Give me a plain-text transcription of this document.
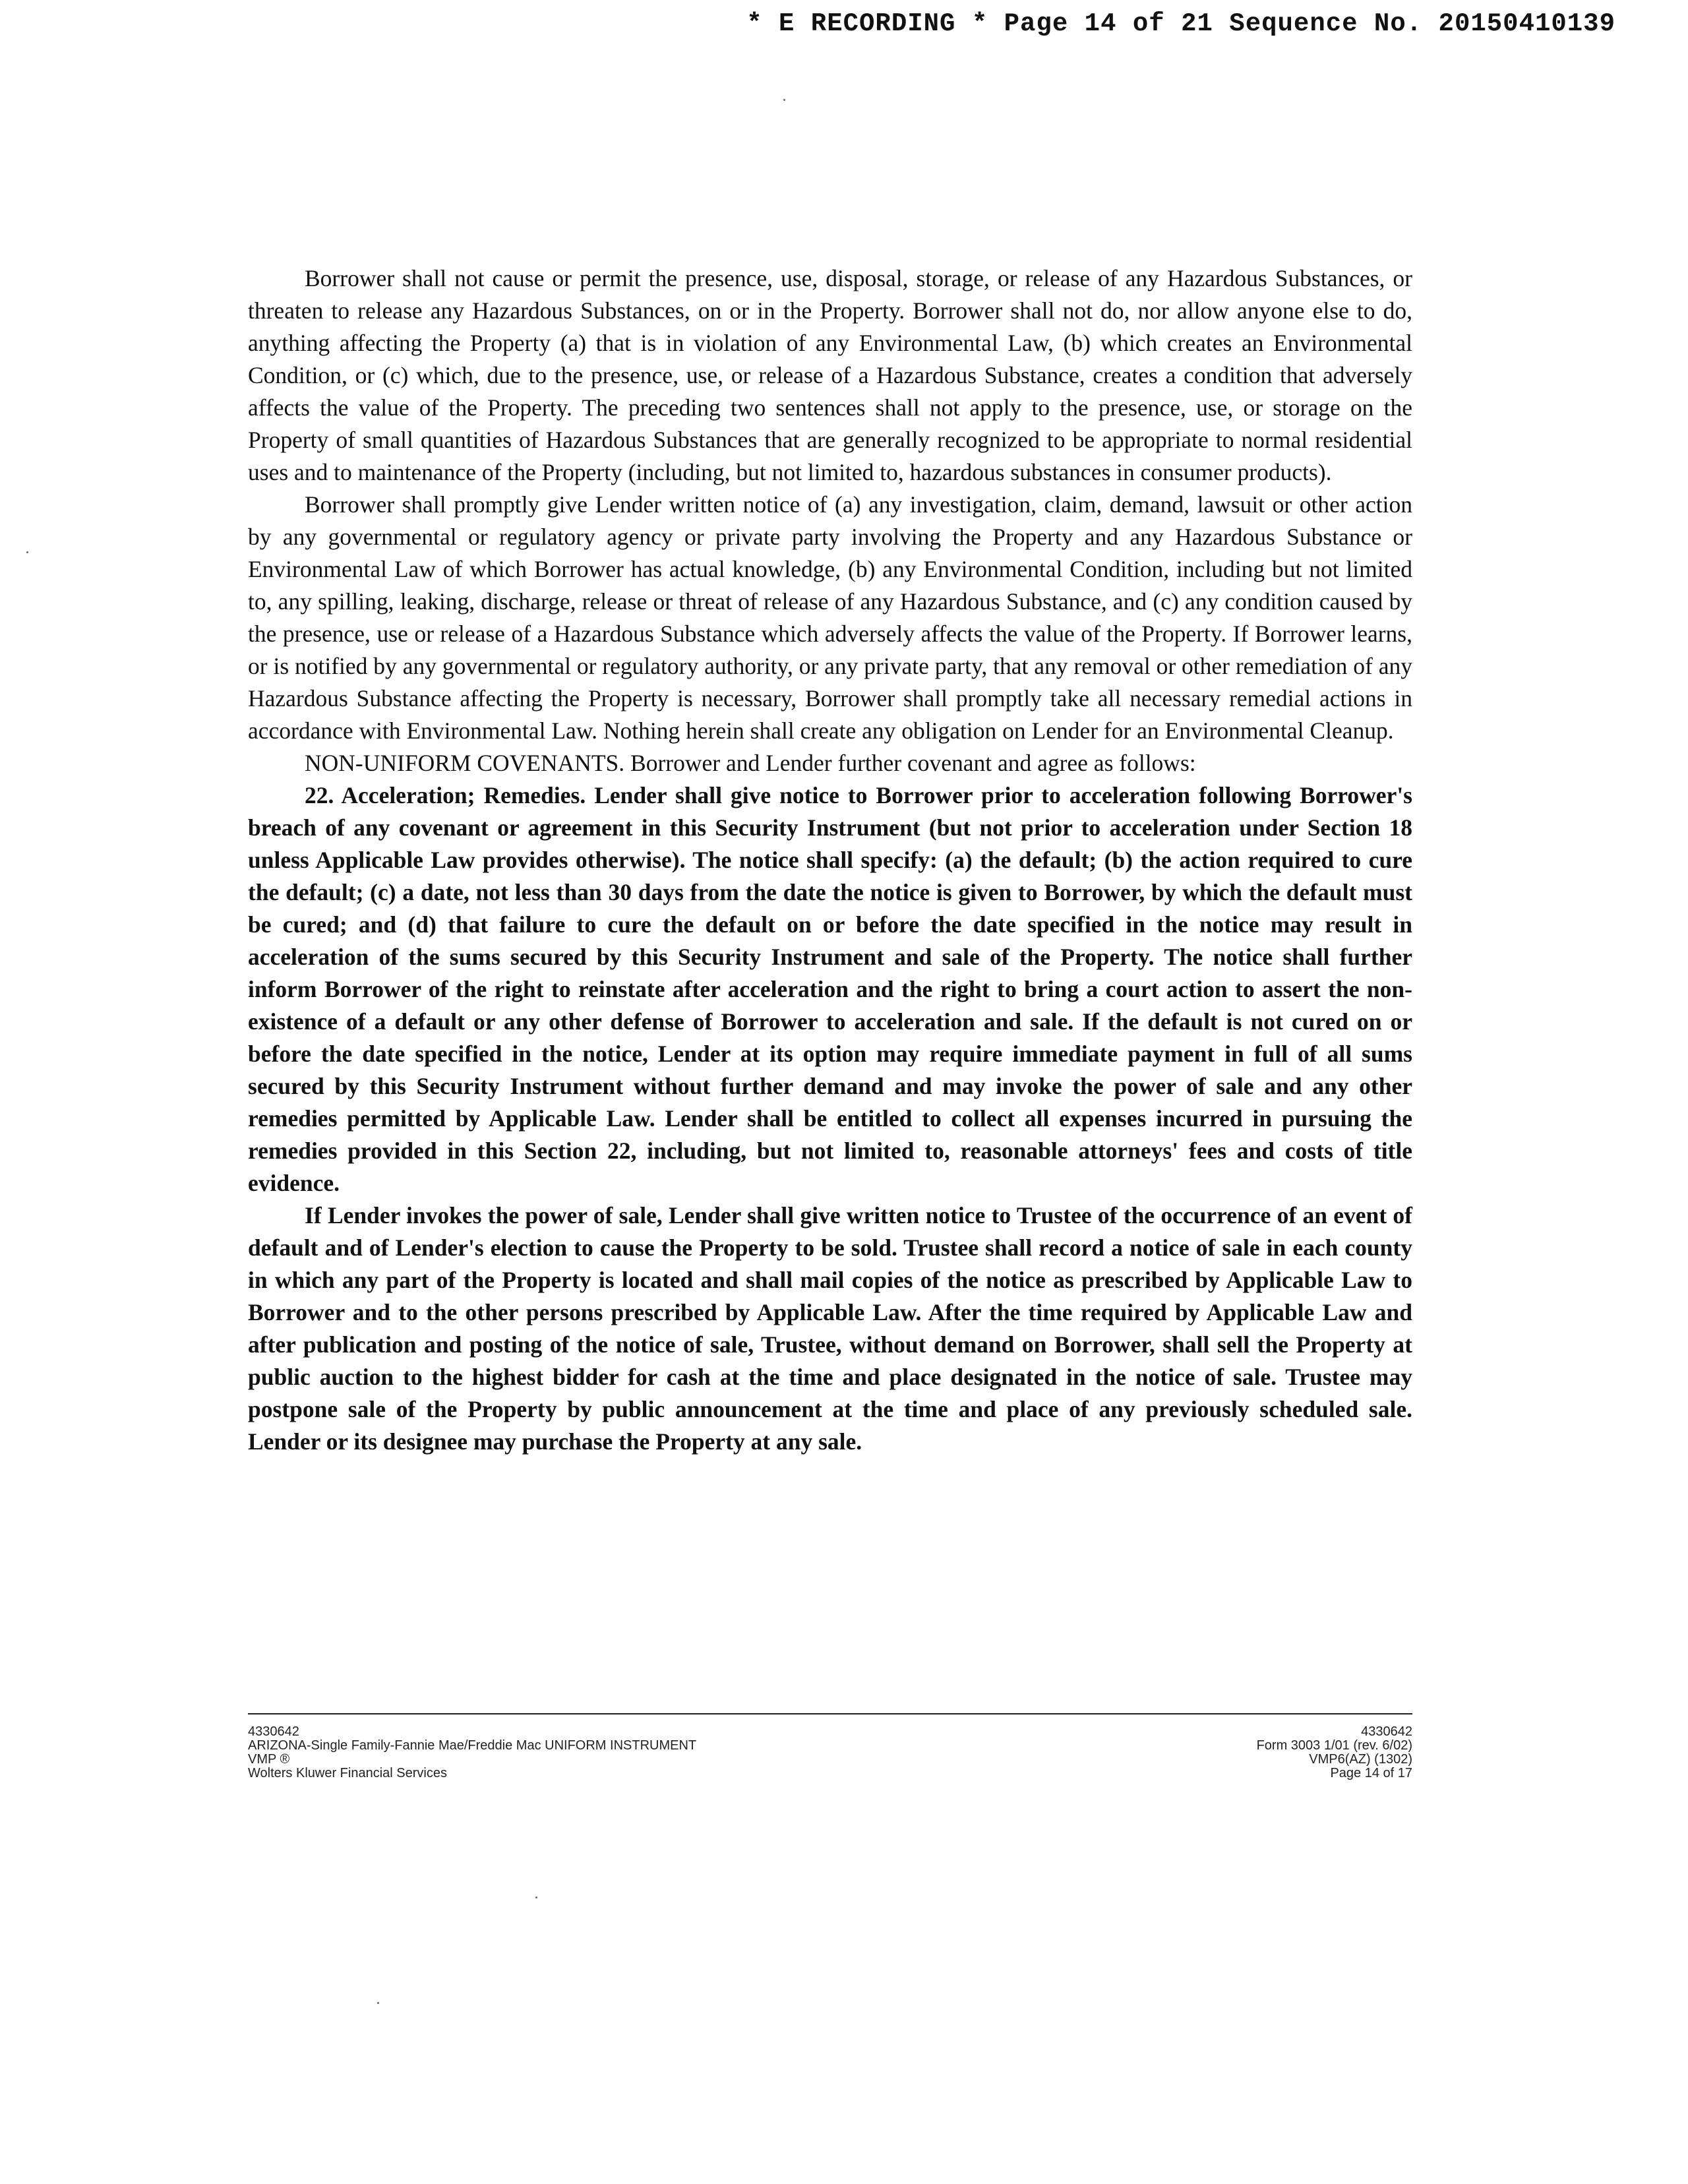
* E RECORDING * Page 14 of 21 Sequence No. 20150410139

Borrower shall not cause or permit the presence, use, disposal, storage, or release of any Hazardous Substances, or threaten to release any Hazardous Substances, on or in the Property. Borrower shall not do, nor allow anyone else to do, anything affecting the Property (a) that is in violation of any Environmental Law, (b) which creates an Environmental Condition, or (c) which, due to the presence, use, or release of a Hazardous Substance, creates a condition that adversely affects the value of the Property. The preceding two sentences shall not apply to the presence, use, or storage on the Property of small quantities of Hazardous Substances that are generally recognized to be appropriate to normal residential uses and to maintenance of the Property (including, but not limited to, hazardous substances in consumer products).

Borrower shall promptly give Lender written notice of (a) any investigation, claim, demand, lawsuit or other action by any governmental or regulatory agency or private party involving the Property and any Hazardous Substance or Environmental Law of which Borrower has actual knowledge, (b) any Environmental Condition, including but not limited to, any spilling, leaking, discharge, release or threat of release of any Hazardous Substance, and (c) any condition caused by the presence, use or release of a Hazardous Substance which adversely affects the value of the Property. If Borrower learns, or is notified by any governmental or regulatory authority, or any private party, that any removal or other remediation of any Hazardous Substance affecting the Property is necessary, Borrower shall promptly take all necessary remedial actions in accordance with Environmental Law. Nothing herein shall create any obligation on Lender for an Environmental Cleanup.

NON-UNIFORM COVENANTS. Borrower and Lender further covenant and agree as follows:

22. Acceleration; Remedies. Lender shall give notice to Borrower prior to acceleration following Borrower's breach of any covenant or agreement in this Security Instrument (but not prior to acceleration under Section 18 unless Applicable Law provides otherwise). The notice shall specify: (a) the default; (b) the action required to cure the default; (c) a date, not less than 30 days from the date the notice is given to Borrower, by which the default must be cured; and (d) that failure to cure the default on or before the date specified in the notice may result in acceleration of the sums secured by this Security Instrument and sale of the Property. The notice shall further inform Borrower of the right to reinstate after acceleration and the right to bring a court action to assert the non-existence of a default or any other defense of Borrower to acceleration and sale. If the default is not cured on or before the date specified in the notice, Lender at its option may require immediate payment in full of all sums secured by this Security Instrument without further demand and may invoke the power of sale and any other remedies permitted by Applicable Law. Lender shall be entitled to collect all expenses incurred in pursuing the remedies provided in this Section 22, including, but not limited to, reasonable attorneys' fees and costs of title evidence.

If Lender invokes the power of sale, Lender shall give written notice to Trustee of the occurrence of an event of default and of Lender's election to cause the Property to be sold. Trustee shall record a notice of sale in each county in which any part of the Property is located and shall mail copies of the notice as prescribed by Applicable Law to Borrower and to the other persons prescribed by Applicable Law. After the time required by Applicable Law and after publication and posting of the notice of sale, Trustee, without demand on Borrower, shall sell the Property at public auction to the highest bidder for cash at the time and place designated in the notice of sale. Trustee may postpone sale of the Property by public announcement at the time and place of any previously scheduled sale. Lender or its designee may purchase the Property at any sale.

4330642
ARIZONA-Single Family-Fannie Mae/Freddie Mac UNIFORM INSTRUMENT
VMP ®
Wolters Kluwer Financial Services
4330642
Form 3003 1/01 (rev. 6/02)
VMP6(AZ) (1302)
Page 14 of 17
